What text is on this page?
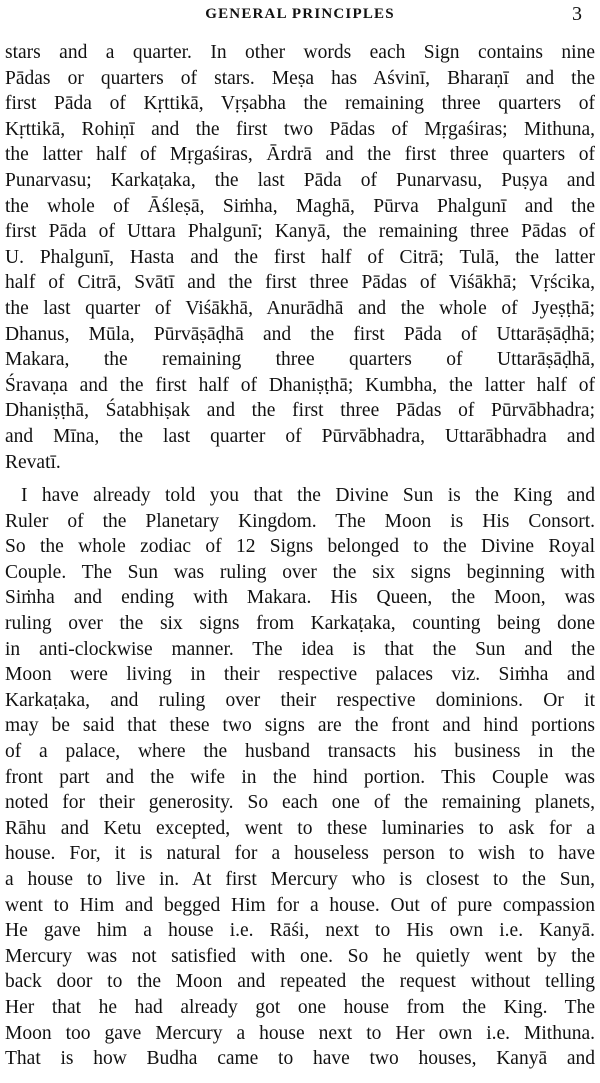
GENERAL PRINCIPLES	3
stars and a quarter. In other words each Sign contains nine
Pādas or quarters of stars. Meṣa has Aśvinī, Bharaṇī and the
first Pāda of Kṛttikā, Vṛṣabha the remaining three quarters of
Kṛttikā, Rohiṇī and the first two Pādas of Mṛgaśiras; Mithuna,
the latter half of Mṛgaśiras, Ārdrā and the first three quarters of
Punarvasu; Karkaṭaka, the last Pāda of Punarvasu, Puṣya and
the whole of Āśleṣā, Siṁha, Maghā, Pūrva Phalgunī and the
first Pāda of Uttara Phalgunī; Kanyā, the remaining three Pādas of
U. Phalgunī, Hasta and the first half of Citrā; Tulā, the latter
half of Citrā, Svātī and the first three Pādas of Viśākhā; Vṛścika,
the last quarter of Viśākhā, Anurādhā and the whole of Jyeṣṭhā;
Dhanus, Mūla, Pūrvāṣāḍhā and the first Pāda of Uttarāṣāḍhā;
Makara, the remaining three quarters of Uttarāṣāḍhā,
Śravaṇa and the first half of Dhaniṣṭhā; Kumbha, the latter half of
Dhaniṣṭhā, Śatabhiṣak and the first three Pādas of Pūrvābhadra;
and Mīna, the last quarter of Pūrvābhadra, Uttarābhadra and
Revatī.
I have already told you that the Divine Sun is the King and
Ruler of the Planetary Kingdom. The Moon is His Consort.
So the whole zodiac of 12 Signs belonged to the Divine Royal
Couple. The Sun was ruling over the six signs beginning with
Siṁha and ending with Makara. His Queen, the Moon, was
ruling over the six signs from Karkaṭaka, counting being done
in anti-clockwise manner. The idea is that the Sun and the
Moon were living in their respective palaces viz. Siṁha and
Karkaṭaka, and ruling over their respective dominions. Or it
may be said that these two signs are the front and hind portions
of a palace, where the husband transacts his business in the
front part and the wife in the hind portion. This Couple was
noted for their generosity. So each one of the remaining planets,
Rāhu and Ketu excepted, went to these luminaries to ask for a
house. For, it is natural for a houseless person to wish to have
a house to live in. At first Mercury who is closest to the Sun,
went to Him and begged Him for a house. Out of pure compassion
He gave him a house i.e. Rāśi, next to His own i.e. Kanyā.
Mercury was not satisfied with one. So he quietly went by the
back door to the Moon and repeated the request without telling
Her that he had already got one house from the King. The
Moon too gave Mercury a house next to Her own i.e. Mithuna.
That is how Budha came to have two houses, Kanyā and
